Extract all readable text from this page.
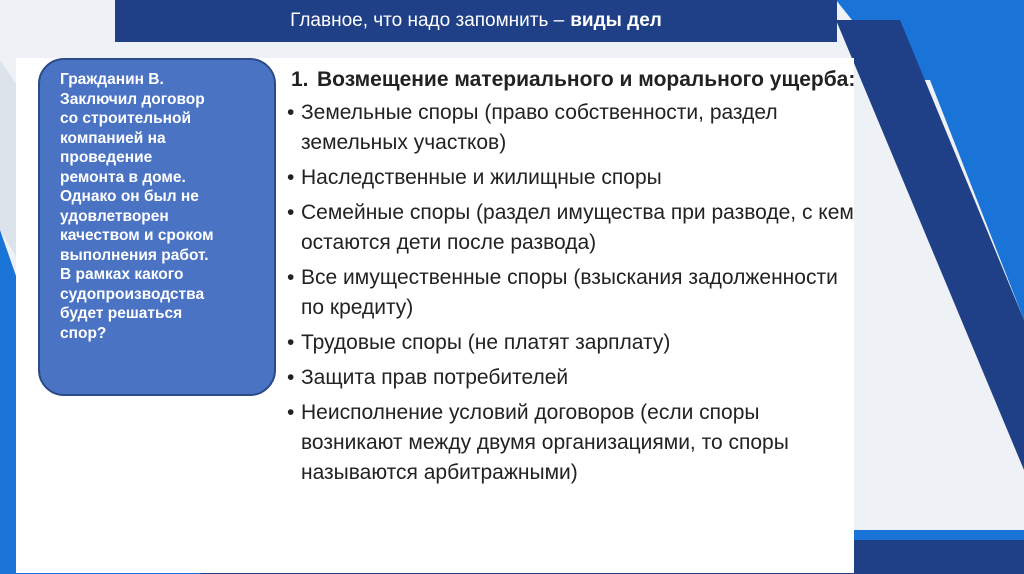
Главное, что надо запомнить – виды дел
Гражданин В.
Заключил договор
со строительной
компанией на
проведение
ремонта в доме.
Однако он был не
удовлетворен
качеством и сроком
выполнения работ.
В рамках какого
судопроизводства
будет решаться
спор?
1. Возмещение материального и морального ущерба:
• Земельные споры (право собственности, раздел земельных участков)
• Наследственные и жилищные споры
• Семейные споры (раздел имущества при разводе, с кем остаются дети после развода)
• Все имущественные споры (взыскания задолженности по кредиту)
• Трудовые споры (не платят зарплату)
• Защита прав потребителей
• Неисполнение условий договоров (если споры возникают между двумя организациями, то споры называются арбитражными)
